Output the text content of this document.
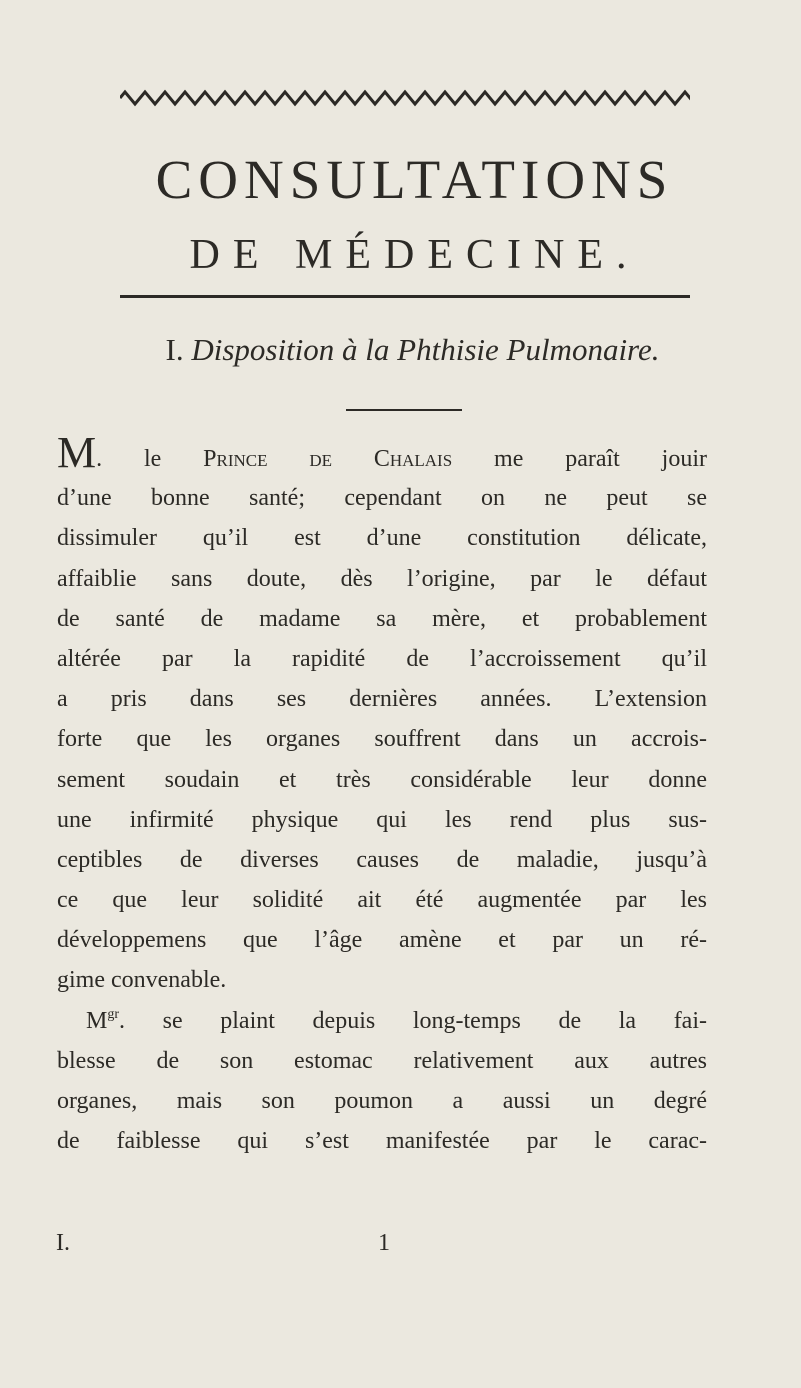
CONSULTATIONS
DE MÉDECINE.
I. Disposition à la Phthisie Pulmonaire.
M. le Prince de Chalais me paraît jouir
d’une bonne santé; cependant on ne peut se
dissimuler qu’il est d’une constitution délicate,
affaiblie sans doute, dès l’origine, par le défaut
de santé de madame sa mère, et probablement
altérée par la rapidité de l’accroissement qu’il
a pris dans ses dernières années. L’extension
forte que les organes souffrent dans un accrois-
sement soudain et très considérable leur donne
une infirmité physique qui les rend plus sus-
ceptibles de diverses causes de maladie, jusqu’à
ce que leur solidité ait été augmentée par les
développemens que l’âge amène et par un ré-
gime convenable.
$M^{gr}$. se plaint depuis long-temps de la fai-
blesse de son estomac relativement aux autres
organes, mais son poumon a aussi un degré
de faiblesse qui s’est manifestée par le carac-
I.	1
